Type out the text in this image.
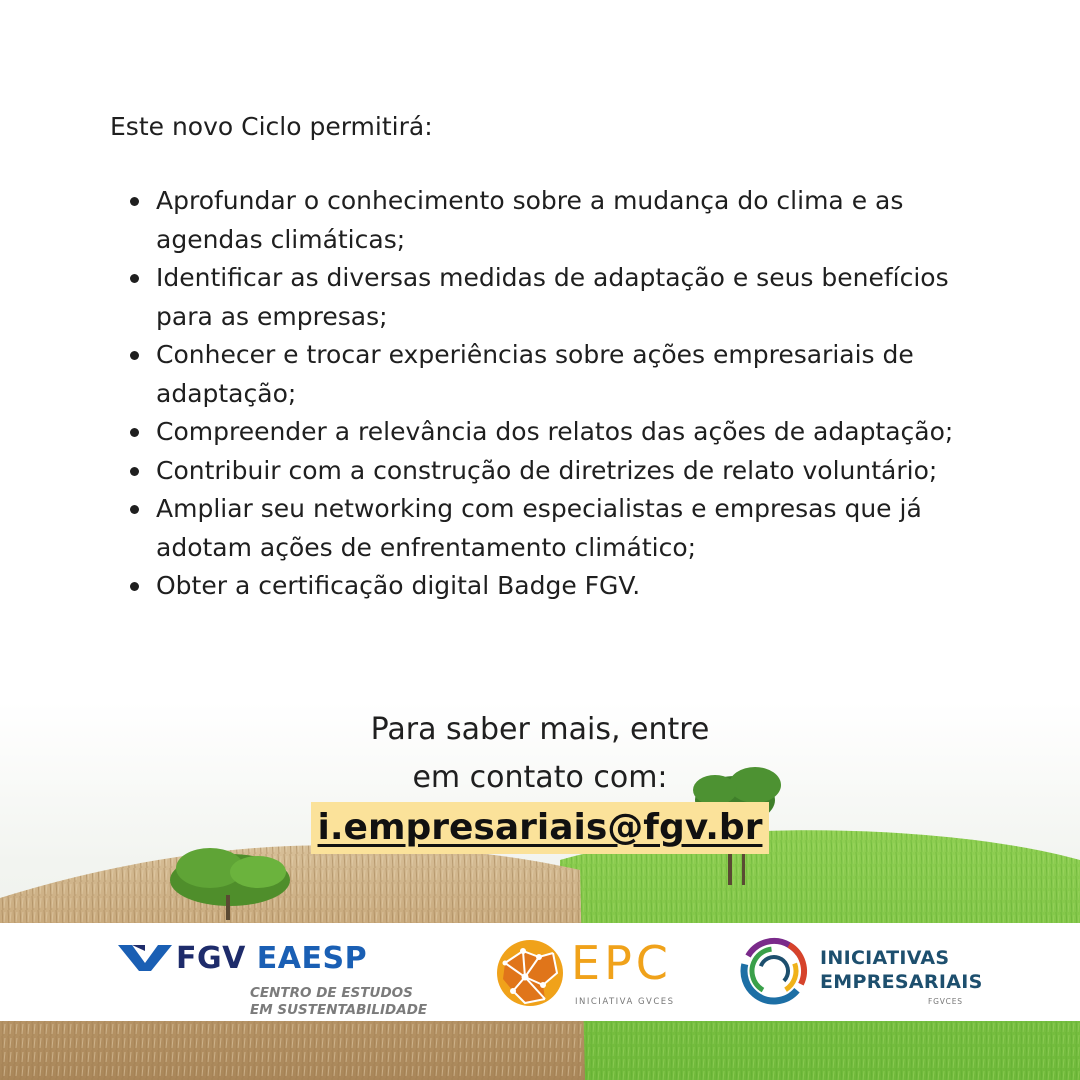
Este novo Ciclo permitirá:

Aprofundar o conhecimento sobre a mudança do clima e as agendas climáticas;
Identificar as diversas medidas de adaptação e seus benefícios para as empresas;
Conhecer e trocar experiências sobre ações empresariais de adaptação;
Compreender a relevância dos relatos das ações de adaptação;
Contribuir com a construção de diretrizes de relato voluntário;
Ampliar seu networking com especialistas e empresas que já adotam ações de enfrentamento climático;
Obter a certificação digital Badge FGV.
Para saber mais, entre
em contato com:
i.empresariais@fgv.br
FGV EAESP
CENTRO DE ESTUDOS
EM SUSTENTABILIDADE
EPC
INICIATIVA GVCES
INICIATIVAS
EMPRESARIAIS
FGVCES
